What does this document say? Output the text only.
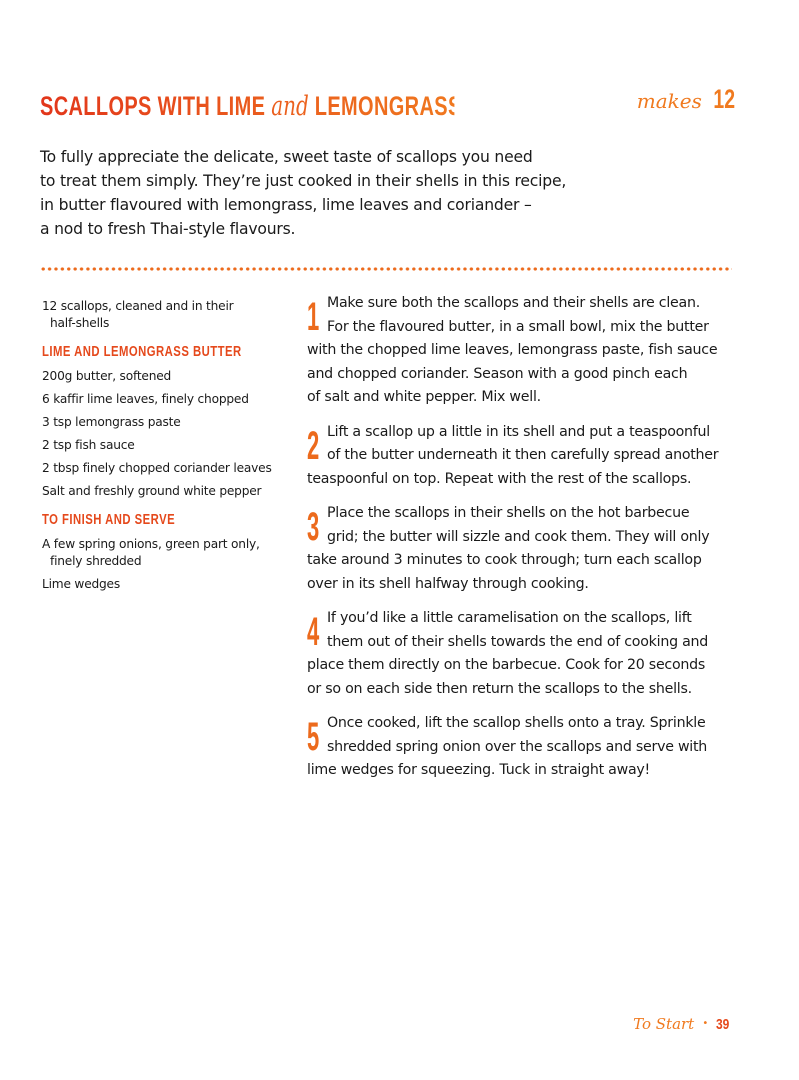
SCALLOPS WITH LIME and LEMONGRASS BUTTER	makes 12
To fully appreciate the delicate, sweet taste of scallops you need
to treat them simply. They’re just cooked in their shells in this recipe,
in butter flavoured with lemongrass, lime leaves and coriander –
a nod to fresh Thai-style flavours.
12 scallops, cleaned and in their
half-shells
LIME AND LEMONGRASS BUTTER
200g butter, softened
6 kaffir lime leaves, finely chopped
3 tsp lemongrass paste
2 tsp fish sauce
2 tbsp finely chopped coriander leaves
Salt and freshly ground white pepper
TO FINISH AND SERVE
A few spring onions, green part only,
finely shredded
Lime wedges
1 Make sure both the scallops and their shells are clean.
For the flavoured butter, in a small bowl, mix the butter
with the chopped lime leaves, lemongrass paste, fish sauce
and chopped coriander. Season with a good pinch each
of salt and white pepper. Mix well.
2 Lift a scallop up a little in its shell and put a teaspoonful
of the butter underneath it then carefully spread another
teaspoonful on top. Repeat with the rest of the scallops.
3 Place the scallops in their shells on the hot barbecue
grid; the butter will sizzle and cook them. They will only
take around 3 minutes to cook through; turn each scallop
over in its shell halfway through cooking.
4 If you’d like a little caramelisation on the scallops, lift
them out of their shells towards the end of cooking and
place them directly on the barbecue. Cook for 20 seconds
or so on each side then return the scallops to the shells.
5 Once cooked, lift the scallop shells onto a tray. Sprinkle
shredded spring onion over the scallops and serve with
lime wedges for squeezing. Tuck in straight away!
To Start • 39
